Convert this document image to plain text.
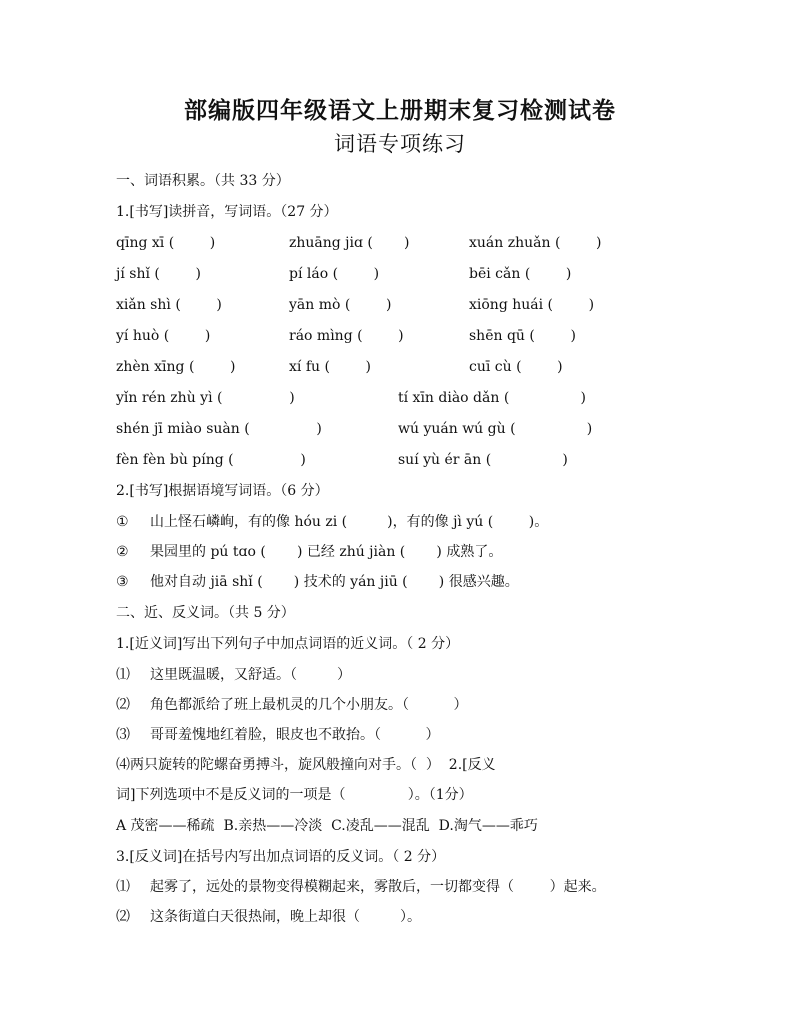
部编版四年级语文上册期末复习检测试卷
词语专项练习
一、词语积累。（共 33 分）
1.[书写]读拼音，写词语。（27 分）
qīng xī (        )	zhuāng jiɑ (       )	xuán zhuǎn (        )
jí shǐ (        )	pí láo (        )	bēi cǎn (        )
xiǎn shì (        )	yān mò (        )	xiōng huái (        )
yí huò (        )	ráo mìng (        )	shēn qū (        )
zhèn xīng (        )	xí fu (        )	cuī cù (        )
yǐn rén zhù yì (               )	tí xīn diào dǎn (                )
shén jī miào suàn (               )	wú yuán wú gù (                )
fèn fèn bù píng (               )	suí yù ér ān (                )
2.[书写]根据语境写词语。（6 分）
① 山上怪石嶙峋，有的像 hóu zi (         )，有的像 jì yú (        )。
② 果园里的 pú tɑo (       ) 已经 zhú jiàn (       ) 成熟了。
③ 他对自动 jiā shǐ (       ) 技术的 yán jiū (       ) 很感兴趣。
二、近、反义词。（共 5 分）
1.[近义词]写出下列句子中加点词语的近义词。（ 2 分）
⑴ 这里既温暖，又舒适。（         ）
⑵ 角色都派给了班上最机灵的几个小朋友。（          ）
⑶ 哥哥羞愧地红着脸，眼皮也不敢抬。（          ）
⑷两只旋转的陀螺奋勇搏斗，旋风般撞向对手。（  ）  2.[反义
词]下列选项中不是反义词的一项是（              ）。（1分）
A 茂密——稀疏  B.亲热——冷淡  C.凌乱——混乱  D.淘气——乖巧
3.[反义词]在括号内写出加点词语的反义词。（ 2 分）
⑴ 起雾了，远处的景物变得模糊起来，雾散后，一切都变得（        ）起来。
⑵ 这条街道白天很热闹，晚上却很（         ）。
